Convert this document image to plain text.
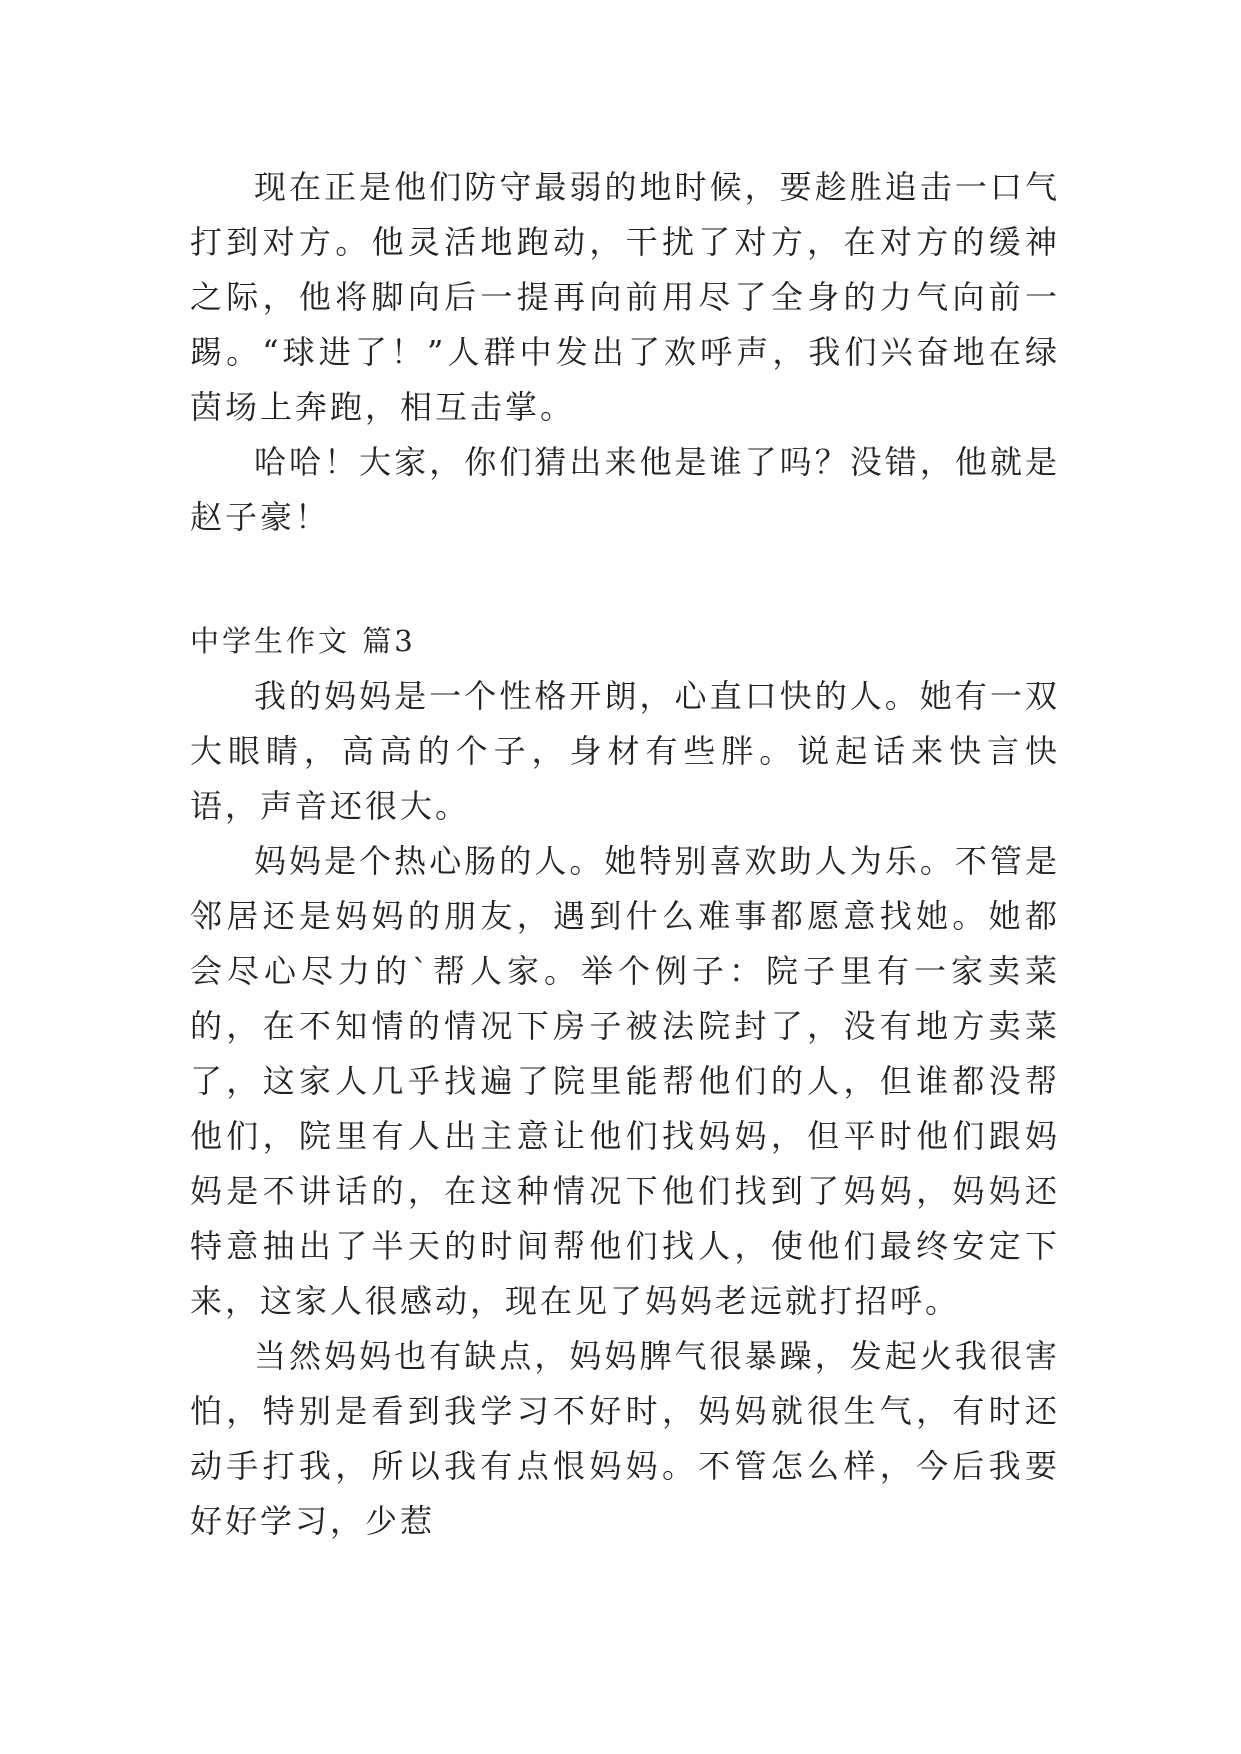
现在正是他们防守最弱的地时候，要趁胜追击一口气打到对方。他灵活地跑动，干扰了对方，在对方的缓神之际，他将脚向后一提再向前用尽了全身的力气向前一踢。“球进了！”人群中发出了欢呼声，我们兴奋地在绿茵场上奔跑，相互击掌。

哈哈！大家，你们猜出来他是谁了吗？没错，他就是赵子豪！

中学生作文 篇3

我的妈妈是一个性格开朗，心直口快的人。她有一双大眼睛，高高的个子，身材有些胖。说起话来快言快语，声音还很大。

妈妈是个热心肠的人。她特别喜欢助人为乐。不管是邻居还是妈妈的朋友，遇到什么难事都愿意找她。她都会尽心尽力的`帮人家。举个例子：院子里有一家卖菜的，在不知情的情况下房子被法院封了，没有地方卖菜了，这家人几乎找遍了院里能帮他们的人，但谁都没帮他们，院里有人出主意让他们找妈妈，但平时他们跟妈妈是不讲话的，在这种情况下他们找到了妈妈，妈妈还特意抽出了半天的时间帮他们找人，使他们最终安定下来，这家人很感动，现在见了妈妈老远就打招呼。

当然妈妈也有缺点，妈妈脾气很暴躁，发起火我很害怕，特别是看到我学习不好时，妈妈就很生气，有时还动手打我，所以我有点恨妈妈。不管怎么样，今后我要好好学习，少惹
